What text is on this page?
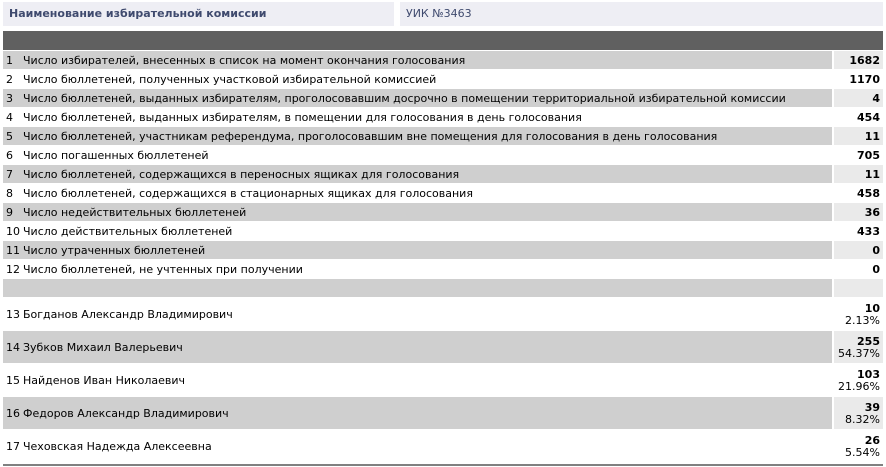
Наименование избирательной комиссии	УИК №3463
1	Число избирателей, внесенных в список на момент окончания голосования	1682
2	Число бюллетеней, полученных участковой избирательной комиссией	1170
3	Число бюллетеней, выданных избирателям, проголосовавшим досрочно в помещении территориальной избирательной комиссии	4
4	Число бюллетеней, выданных избирателям, в помещении для голосования в день голосования	454
5	Число бюллетеней, участникам референдума, проголосовавшим вне помещения для голосования в день голосования	11
6	Число погашенных бюллетеней	705
7	Число бюллетеней, содержащихся в переносных ящиках для голосования	11
8	Число бюллетеней, содержащихся в стационарных ящиках для голосования	458
9	Число недействительных бюллетеней	36
10	Число действительных бюллетеней	433
11	Число утраченных бюллетеней	0
12	Число бюллетеней, не учтенных при получении	0

13	Богданов Александр Владимирович	10
2.13%

14	Зубков Михаил Валерьевич	255
54.37%

15	Найденов Иван Николаевич	103
21.96%

16	Федоров Александр Владимирович	39
8.32%

17	Чеховская Надежда Алексеевна	26
5.54%
